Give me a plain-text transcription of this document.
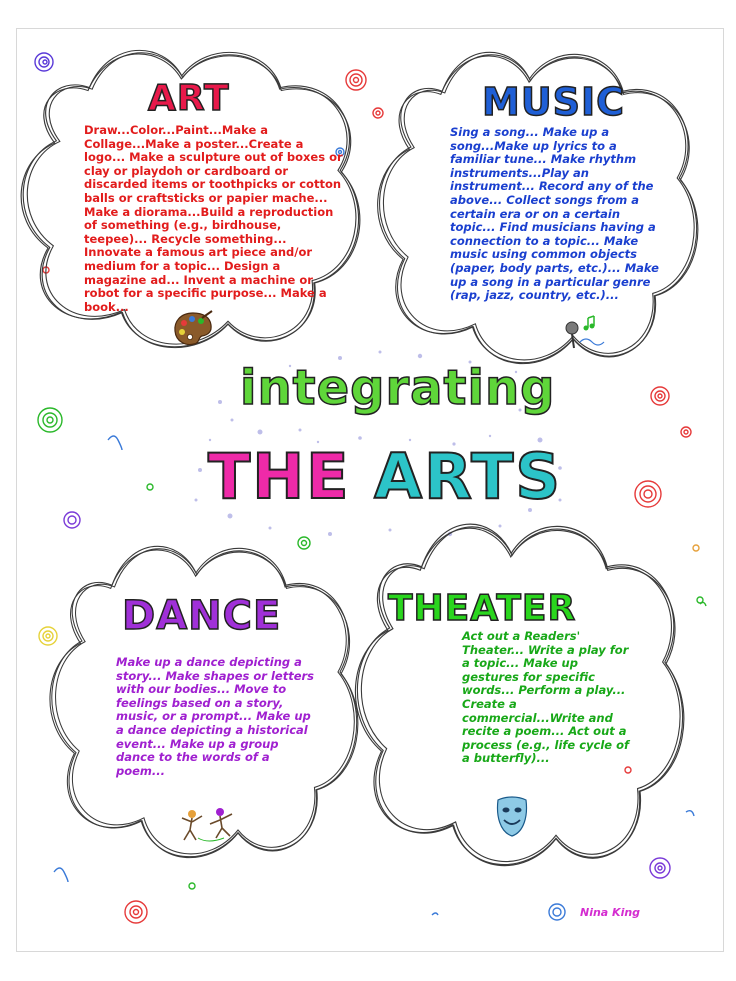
ART

Draw...Color...Paint...Make a Collage...Make a poster...Create a logo... Make a sculpture out of boxes or clay or playdoh or cardboard or discarded items or toothpicks or cotton balls or craftsticks or papier mache... Make a diorama...Build a reproduction of something (e.g., birdhouse, teepee)... Recycle something... Innovate a famous art piece and/or medium for a topic... Design a magazine ad... Invent a machine or robot for a specific purpose... Make a book...

MUSIC

Sing a song... Make up a song...Make up lyrics to a familiar tune... Make rhythm instruments...Play an instrument... Record any of the above... Collect songs from a certain era or on a certain topic... Find musicians having a connection to a topic... Make music using common objects (paper, body parts, etc.)... Make up a song in a particular genre (rap, jazz, country, etc.)...

integrating
THE ARTS
DANCE

Make up a dance depicting a story... Make shapes or letters with our bodies... Move to feelings based on a story, music, or a prompt... Make up a dance depicting a historical event... Make up a group dance to the words of a poem...

THEATER

Act out a Readers' Theater... Write a play for a topic... Make up gestures for specific words... Perform a play... Create a commercial...Write and recite a poem... Act out a process (e.g., life cycle of a butterfly)...

Nina King
